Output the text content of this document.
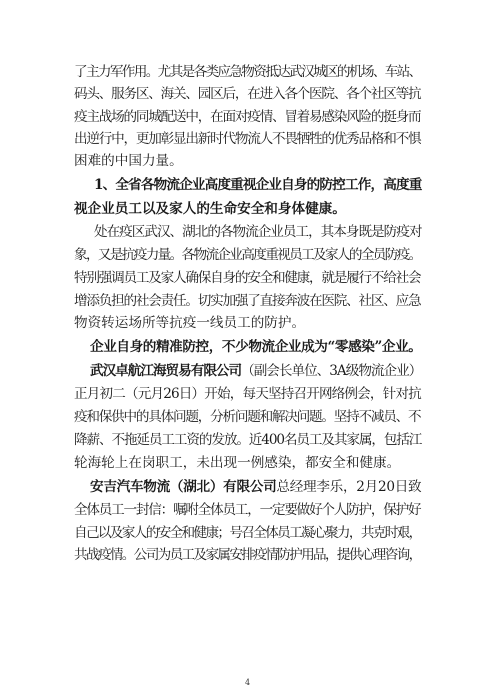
了主力军作用。尤其是各类应急物资抵达武汉城区的机场、车站、
码头、服务区、海关、园区后，在进入各个医院、各个社区等抗
疫主战场的同城配送中，在面对疫情、冒着易感染风险的挺身而
出逆行中，更加彰显出新时代物流人不畏牺牲的优秀品格和不惧
困难的中国力量。
1、全省各物流企业高度重视企业自身的防控工作，高度重
视企业员工以及家人的生命安全和身体健康。
处在疫区武汉、湖北的各物流企业员工，其本身既是防疫对
象，又是抗疫力量。各物流企业高度重视员工及家人的全员防疫。
特别强调员工及家人确保自身的安全和健康，就是履行不给社会
增添负担的社会责任。切实加强了直接奔波在医院、社区、应急
物资转运场所等抗疫一线员工的防护。
企业自身的精准防控，不少物流企业成为“零感染”企业。
武汉卓航江海贸易有限公司（副会长单位、3A级物流企业）
正月初二（元月26日）开始，每天坚持召开网络例会，针对抗
疫和保供中的具体问题，分析问题和解决问题。坚持不减员、不
降薪、不拖延员工工资的发放。近400名员工及其家属，包括江
轮海轮上在岗职工，未出现一例感染，都安全和健康。
安吉汽车物流（湖北）有限公司总经理李乐，2月20日致
全体员工一封信：嘱咐全体员工，一定要做好个人防护，保护好
自己以及家人的安全和健康；号召全体员工凝心聚力，共克时艰，
共战疫情。公司为员工及家属安排疫情防护用品，提供心理咨询，
4
